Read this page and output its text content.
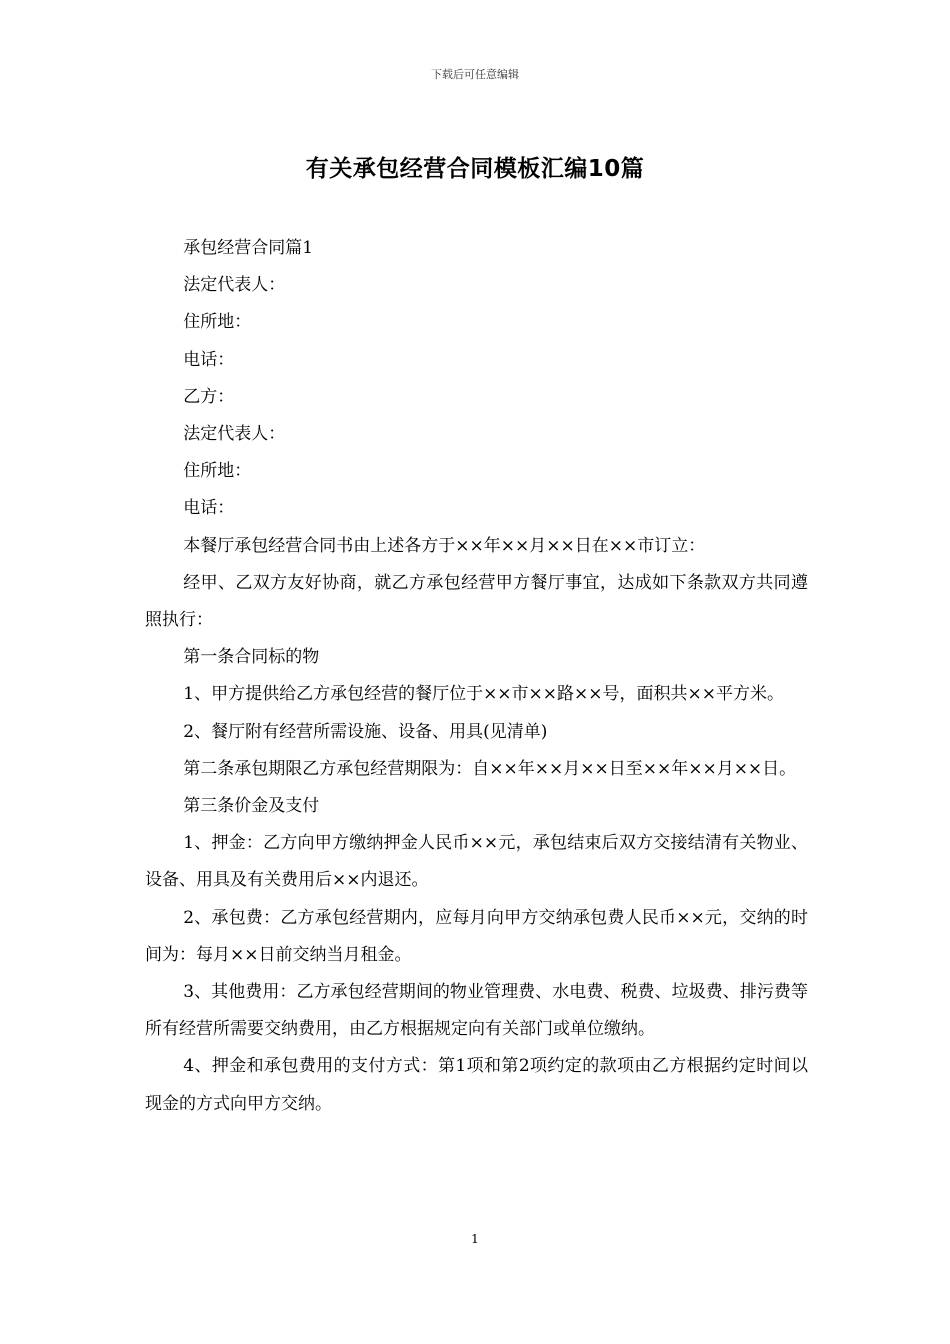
下载后可任意编辑
有关承包经营合同模板汇编10篇

承包经营合同篇1

法定代表人：

住所地：

电话：

乙方：

法定代表人：

住所地：

电话：

本餐厅承包经营合同书由上述各方于××年××月××日在××市订立：

经甲、乙双方友好协商，就乙方承包经营甲方餐厅事宜，达成如下条款双方共同遵照执行：

第一条合同标的物

1、甲方提供给乙方承包经营的餐厅位于××市××路××号，面积共××平方米。

2、餐厅附有经营所需设施、设备、用具(见清单)

第二条承包期限乙方承包经营期限为：自××年××月××日至××年××月××日。

第三条价金及支付

1、押金：乙方向甲方缴纳押金人民币××元，承包结束后双方交接结清有关物业、设备、用具及有关费用后××内退还。

2、承包费：乙方承包经营期内，应每月向甲方交纳承包费人民币××元，交纳的时间为：每月××日前交纳当月租金。

3、其他费用：乙方承包经营期间的物业管理费、水电费、税费、垃圾费、排污费等所有经营所需要交纳费用，由乙方根据规定向有关部门或单位缴纳。

4、押金和承包费用的支付方式：第1项和第2项约定的款项由乙方根据约定时间以现金的方式向甲方交纳。

1
